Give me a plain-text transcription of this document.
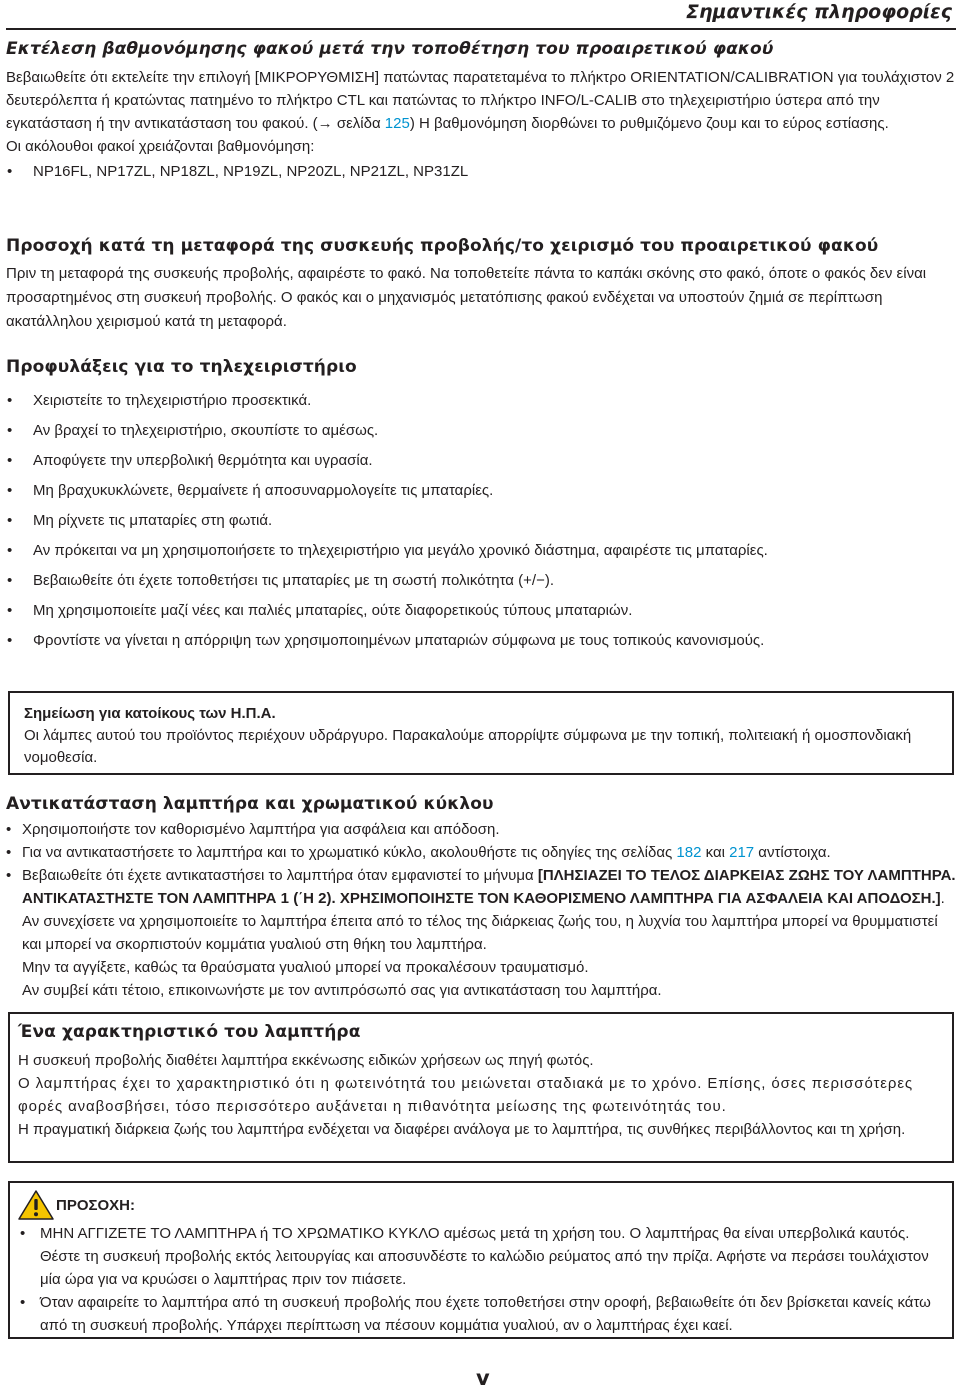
Σημαντικές πληροφορίες
Εκτέλεση βαθμονόμησης φακού μετά την τοποθέτηση του προαιρετικού φακού

Βεβαιωθείτε ότι εκτελείτε την επιλογή [ΜΙΚΡΟΡΥΘΜΙΣΗ] πατώντας παρατεταμένα το πλήκτρο ORIENTATION/CALIBRATION για τουλάχιστον 2 δευτερόλεπτα ή κρατώντας πατημένο το πλήκτρο CTL και πατώντας το πλήκτρο INFO/L-CALIB στο τηλεχειριστήριο ύστερα από την εγκατάσταση ή την αντικατάσταση του φακού. (→ σελίδα 125) Η βαθμονόμηση διορθώνει το ρυθμιζόμενο ζουμ και το εύρος εστίασης.

Οι ακόλουθοι φακοί χρειάζονται βαθμονόμηση:

• NP16FL, NP17ZL, NP18ZL, NP19ZL, NP20ZL, NP21ZL, NP31ZL
Προσοχή κατά τη μεταφορά της συσκευής προβολής/το χειρισμό του προαιρετικού φακού

Πριν τη μεταφορά της συσκευής προβολής, αφαιρέστε το φακό. Να τοποθετείτε πάντα το καπάκι σκόνης στο φακό, όποτε ο φακός δεν είναι προσαρτημένος στη συσκευή προβολής. Ο φακός και ο μηχανισμός μετατόπισης φακού ενδέχεται να υποστούν ζημιά σε περίπτωση ακατάλληλου χειρισμού κατά τη μεταφορά.

Προφυλάξεις για το τηλεχειριστήριο
• Χειριστείτε το τηλεχειριστήριο προσεκτικά.
• Αν βραχεί το τηλεχειριστήριο, σκουπίστε το αμέσως.
• Αποφύγετε την υπερβολική θερμότητα και υγρασία.
• Μη βραχυκυκλώνετε, θερμαίνετε ή αποσυναρμολογείτε τις μπαταρίες.
• Μη ρίχνετε τις μπαταρίες στη φωτιά.
• Αν πρόκειται να μη χρησιμοποιήσετε το τηλεχειριστήριο για μεγάλο χρονικό διάστημα, αφαιρέστε τις μπαταρίες.
• Βεβαιωθείτε ότι έχετε τοποθετήσει τις μπαταρίες με τη σωστή πολικότητα (+/−).
• Μη χρησιμοποιείτε μαζί νέες και παλιές μπαταρίες, ούτε διαφορετικούς τύπους μπαταριών.
• Φροντίστε να γίνεται η απόρριψη των χρησιμοποιημένων μπαταριών σύμφωνα με τους τοπικούς κανονισμούς.
Σημείωση για κατοίκους των Η.Π.Α.

Οι λάμπες αυτού του προϊόντος περιέχουν υδράργυρο. Παρακαλούμε απορρίψτε σύμφωνα με την τοπική, πολιτειακή ή ομοσπονδιακή νομοθεσία.

Αντικατάσταση λαμπτήρα και χρωματικού κύκλου
• Χρησιμοποιήστε τον καθορισμένο λαμπτήρα για ασφάλεια και απόδοση.
• Για να αντικαταστήσετε το λαμπτήρα και το χρωματικό κύκλο, ακολουθήστε τις οδηγίες της σελίδας 182 και 217 αντίστοιχα.
• Βεβαιωθείτε ότι έχετε αντικαταστήσει το λαμπτήρα όταν εμφανιστεί το μήνυμα [ΠΛΗΣΙΑΖΕΙ ΤΟ ΤΕΛΟΣ ΔΙΑΡΚΕΙΑΣ ΖΩΗΣ ΤΟΥ ΛΑΜΠΤΗΡΑ. ΑΝΤΙΚΑΤΑΣΤΗΣΤΕ ΤΟΝ ΛΑΜΠΤΗΡΑ 1 (΄Η 2). ΧΡΗΣΙΜΟΠΟΙΗΣΤΕ ΤΟΝ ΚΑΘΟΡΙΣΜΕΝΟ ΛΑΜΠΤΗΡΑ ΓΙΑ ΑΣΦΑΛΕΙΑ ΚΑΙ ΑΠΟΔΟΣΗ.]. Αν συνεχίσετε να χρησιμοποιείτε το λαμπτήρα έπειτα από το τέλος της διάρκειας ζωής του, η λυχνία του λαμπτήρα μπορεί να θρυμματιστεί και μπορεί να σκορπιστούν κομμάτια γυαλιού στη θήκη του λαμπτήρα.
Μην τα αγγίξετε, καθώς τα θραύσματα γυαλιού μπορεί να προκαλέσουν τραυματισμό.
Αν συμβεί κάτι τέτοιο, επικοινωνήστε με τον αντιπρόσωπό σας για αντικατάσταση του λαμπτήρα.
Ένα χαρακτηριστικό του λαμπτήρα

Η συσκευή προβολής διαθέτει λαμπτήρα εκκένωσης ειδικών χρήσεων ως πηγή φωτός.

Ο λαμπτήρας έχει το χαρακτηριστικό ότι η φωτεινότητά του μειώνεται σταδιακά με το χρόνο. Επίσης, όσες περισσότερες φορές αναβοσβήσει, τόσο περισσότερο αυξάνεται η πιθανότητα μείωσης της φωτεινότητάς του.

Η πραγματική διάρκεια ζωής του λαμπτήρα ενδέχεται να διαφέρει ανάλογα με το λαμπτήρα, τις συνθήκες περιβάλλοντος και τη χρήση.

ΠΡΟΣΟΧΗ:
• ΜΗΝ ΑΓΓΙΖΕΤΕ ΤΟ ΛΑΜΠΤΗΡΑ ή ΤΟ ΧΡΩΜΑΤΙΚΟ ΚΥΚΛΟ αμέσως μετά τη χρήση του. Ο λαμπτήρας θα είναι υπερβολικά καυτός. Θέστε τη συσκευή προβολής εκτός λειτουργίας και αποσυνδέστε το καλώδιο ρεύματος από την πρίζα. Αφήστε να περάσει τουλάχιστον μία ώρα για να κρυώσει ο λαμπτήρας πριν τον πιάσετε.
• Όταν αφαιρείτε το λαμπτήρα από τη συσκευή προβολής που έχετε τοποθετήσει στην οροφή, βεβαιωθείτε ότι δεν βρίσκεται κανείς κάτω από τη συσκευή προβολής. Υπάρχει περίπτωση να πέσουν κομμάτια γυαλιού, αν ο λαμπτήρας έχει καεί.
v
